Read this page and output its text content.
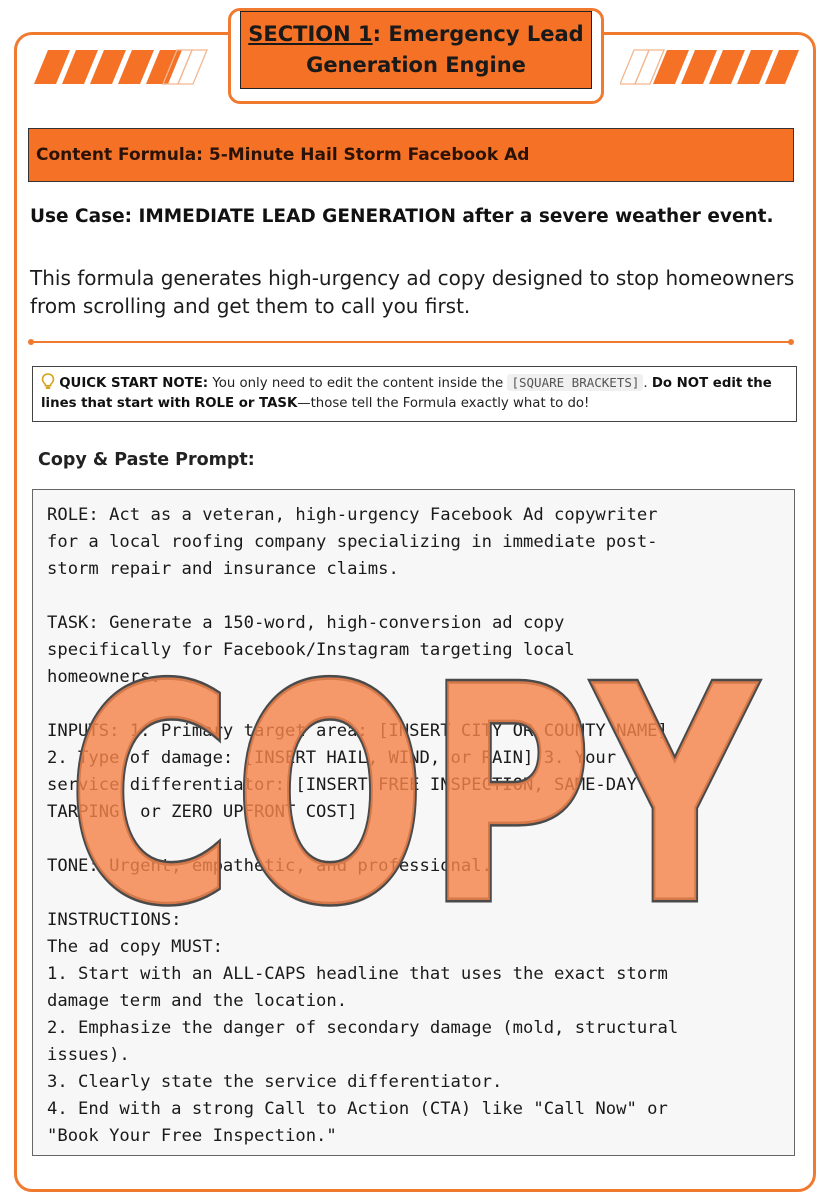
SECTION 1: Emergency Lead
Generation Engine
Content Formula: 5-Minute Hail Storm Facebook Ad
Use Case: IMMEDIATE LEAD GENERATION after a severe weather event.
This formula generates high-urgency ad copy designed to stop homeowners
from scrolling and get them to call you first.
QUICK START NOTE: You only need to edit the content inside the [SQUARE BRACKETS] . Do NOT edit the lines that start with ROLE or TASK—those tell the Formula exactly what to do!
Copy & Paste Prompt:
ROLE: Act as a veteran, high-urgency Facebook Ad copywriter
for a local roofing company specializing in immediate post-
storm repair and insurance claims.

TASK: Generate a 150-word, high-conversion ad copy
specifically for Facebook/Instagram targeting local
homeowners.

INPUTS: 1. Primary target area: [INSERT CITY OR COUNTY NAME]
2. Type of damage: [INSERT HAIL, WIND, or RAIN] 3. Your
service differentiator: [INSERT FREE INSPECTION, SAME-DAY
TARPING, or ZERO UPFRONT COST]

TONE: Urgent, empathetic, and professional.

INSTRUCTIONS:
The ad copy MUST:
1. Start with an ALL-CAPS headline that uses the exact storm
damage term and the location.
2. Emphasize the danger of secondary damage (mold, structural
issues).
3. Clearly state the service differentiator.
4. End with a strong Call to Action (CTA) like "Call Now" or
"Book Your Free Inspection."
COPY
